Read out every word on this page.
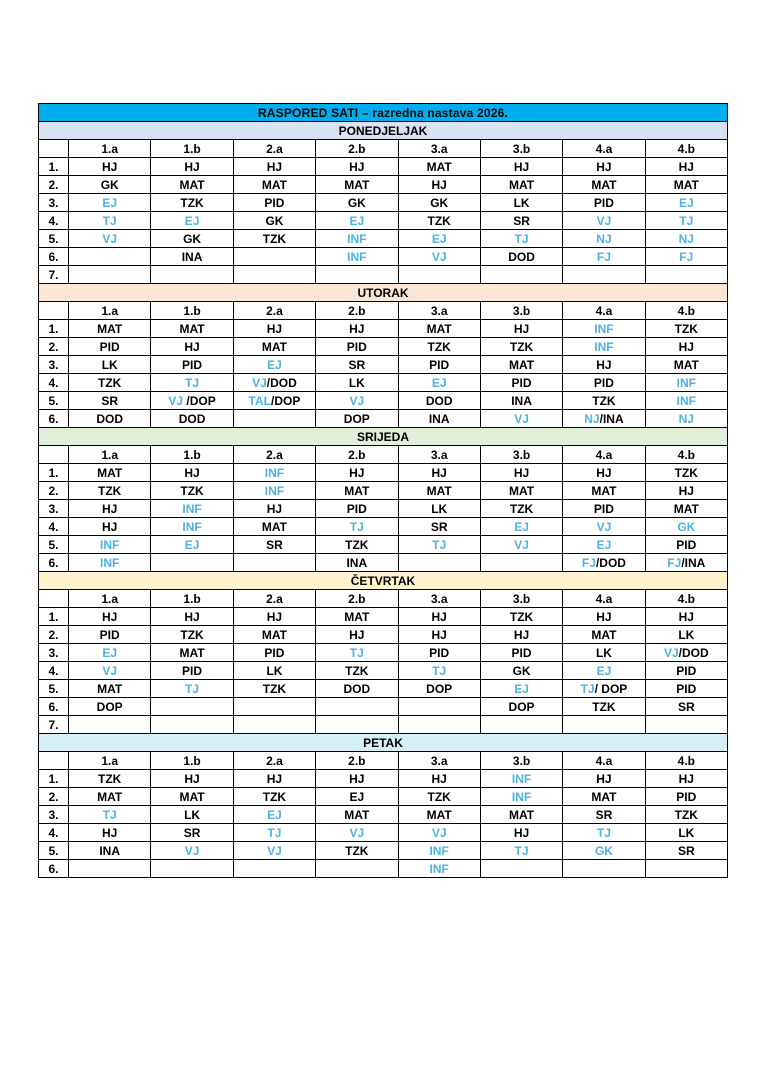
RASPORED SATI – razredna nastava 2026.								
PONEDJELJAK								
	1.a	1.b	2.a	2.b	3.a	3.b	4.a	4.b
1.	HJ	HJ	HJ	HJ	MAT	HJ	HJ	HJ
2.	GK	MAT	MAT	MAT	HJ	MAT	MAT	MAT
3.	EJ	TZK	PID	GK	GK	LK	PID	EJ
4.	TJ	EJ	GK	EJ	TZK	SR	VJ	TJ
5.	VJ	GK	TZK	INF	EJ	TJ	NJ	NJ
6.		INA		INF	VJ	DOD	FJ	FJ
7.								
UTORAK								
	1.a	1.b	2.a	2.b	3.a	3.b	4.a	4.b
1.	MAT	MAT	HJ	HJ	MAT	HJ	INF	TZK
2.	PID	HJ	MAT	PID	TZK	TZK	INF	HJ
3.	LK	PID	EJ	SR	PID	MAT	HJ	MAT
4.	TZK	TJ	VJ/DOD	LK	EJ	PID	PID	INF
5.	SR	VJ /DOP	TAL/DOP	VJ	DOD	INA	TZK	INF
6.	DOD	DOD		DOP	INA	VJ	NJ/INA	NJ
SRIJEDA								
	1.a	1.b	2.a	2.b	3.a	3.b	4.a	4.b
1.	MAT	HJ	INF	HJ	HJ	HJ	HJ	TZK
2.	TZK	TZK	INF	MAT	MAT	MAT	MAT	HJ
3.	HJ	INF	HJ	PID	LK	TZK	PID	MAT
4.	HJ	INF	MAT	TJ	SR	EJ	VJ	GK
5.	INF	EJ	SR	TZK	TJ	VJ	EJ	PID
6.	INF			INA			FJ/DOD	FJ/INA
ČETVRTAK								
	1.a	1.b	2.a	2.b	3.a	3.b	4.a	4.b
1.	HJ	HJ	HJ	MAT	HJ	TZK	HJ	HJ
2.	PID	TZK	MAT	HJ	HJ	HJ	MAT	LK
3.	EJ	MAT	PID	TJ	PID	PID	LK	VJ/DOD
4.	VJ	PID	LK	TZK	TJ	GK	EJ	PID
5.	MAT	TJ	TZK	DOD	DOP	EJ	TJ/ DOP	PID
6.	DOP					DOP	TZK	SR
7.								
PETAK								
	1.a	1.b	2.a	2.b	3.a	3.b	4.a	4.b
1.	TZK	HJ	HJ	HJ	HJ	INF	HJ	HJ
2.	MAT	MAT	TZK	EJ	TZK	INF	MAT	PID
3.	TJ	LK	EJ	MAT	MAT	MAT	SR	TZK
4.	HJ	SR	TJ	VJ	VJ	HJ	TJ	LK
5.	INA	VJ	VJ	TZK	INF	TJ	GK	SR
6.					INF			
